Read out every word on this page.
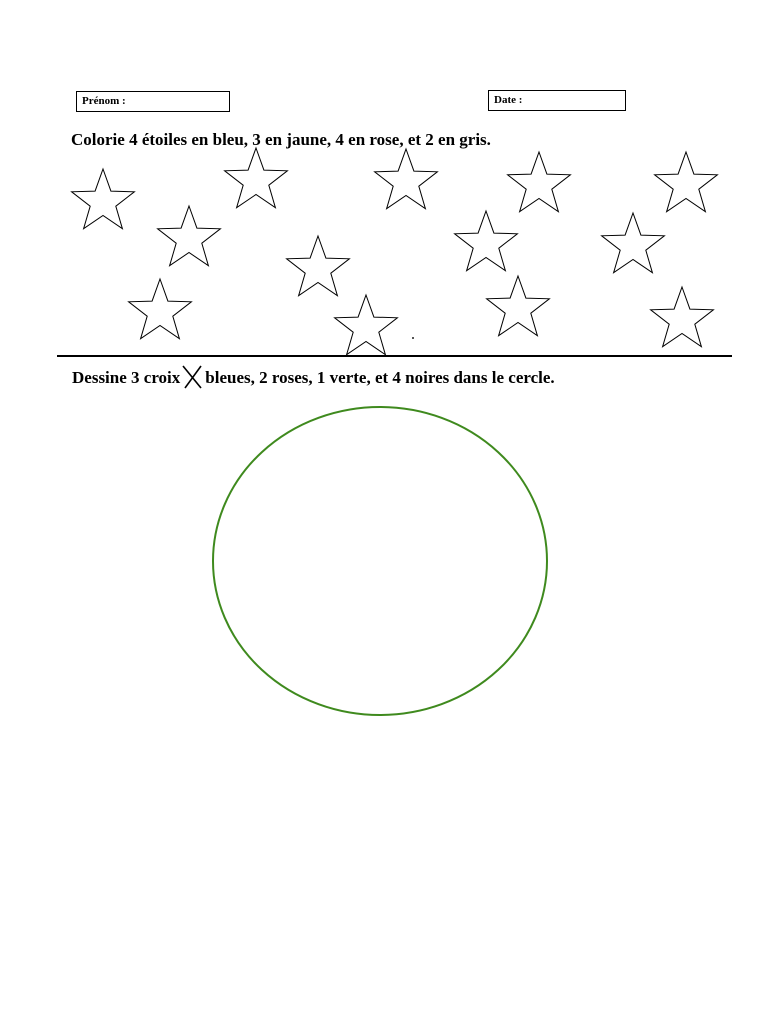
Prénom :	Date :

Colorie 4 étoiles en bleu, 3 en jaune, 4 en rose, et 2 en gris.

Dessine 3 croix bleues, 2 roses, 1 verte, et 4 noires dans le cercle.
